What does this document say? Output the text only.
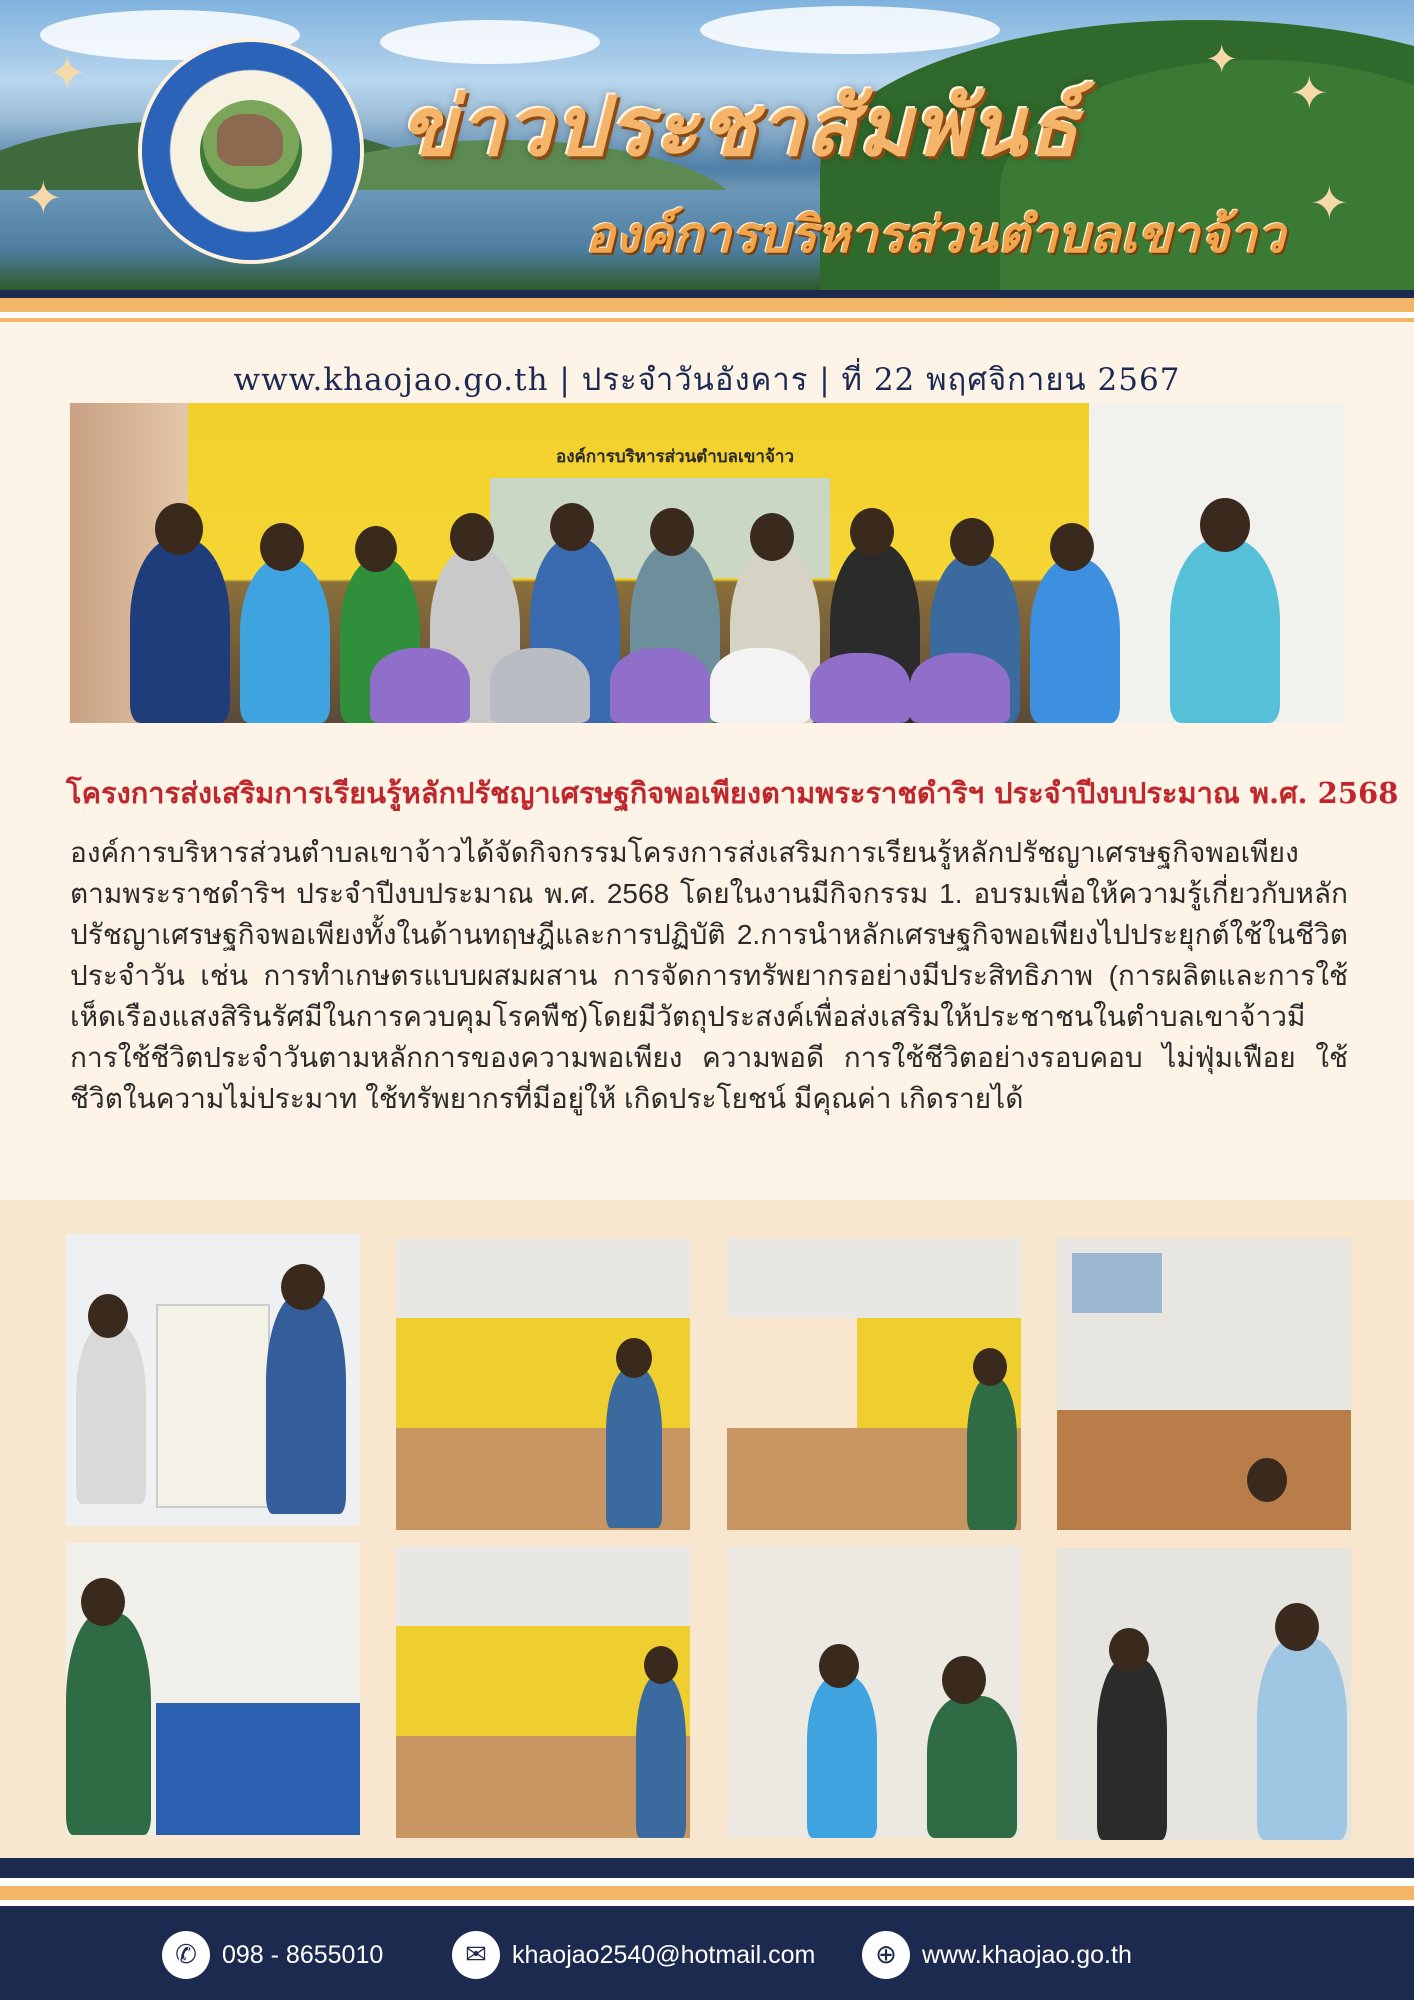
✦
✦
✦
✦
✦
ข่าวประชาสัมพันธ์
องค์การบริหารส่วนตำบลเขาจ้าว
www.khaojao.go.th | ประจำวันอังคาร | ที่ 22 พฤศจิกายน 2567
องค์การบริหารส่วนตำบลเขาจ้าว
โครงการส่งเสริมการเรียนรู้หลักปรัชญาเศรษฐกิจพอเพียงตามพระราชดำริฯ ประจำปีงบประมาณ พ.ศ. 2568
องค์การบริหารส่วนตำบลเขาจ้าวได้จัดกิจกรรมโครงการส่งเสริมการเรียนรู้หลักปรัชญาเศรษฐกิจพอเพียงตามพระราชดำริฯ ประจำปีงบประมาณ พ.ศ. 2568 โดยในงานมีกิจกรรม 1. อบรมเพื่อให้ความรู้เกี่ยวกับหลักปรัชญาเศรษฐกิจพอเพียงทั้งในด้านทฤษฎีและการปฏิบัติ 2.การนำหลักเศรษฐกิจพอเพียงไปประยุกต์ใช้ในชีวิตประจำวัน เช่น การทำเกษตรแบบผสมผสาน การจัดการทรัพยากรอย่างมีประสิทธิภาพ (การผลิตและการใช้เห็ดเรืองแสงสิรินรัศมีในการควบคุมโรคพืช)โดยมีวัตถุประสงค์เพื่อส่งเสริมให้ประชาชนในตำบลเขาจ้าวมีการใช้ชีวิตประจำวันตามหลักการของความพอเพียง ความพอดี การใช้ชีวิตอย่างรอบคอบ ไม่ฟุ่มเฟือย ใช้ชีวิตในความไม่ประมาท ใช้ทรัพยากรที่มีอยู่ให้ เกิดประโยชน์ มีคุณค่า เกิดรายได้
✆	098 - 8655010	✉	khaojao2540@hotmail.com	⊕	www.khaojao.go.th
